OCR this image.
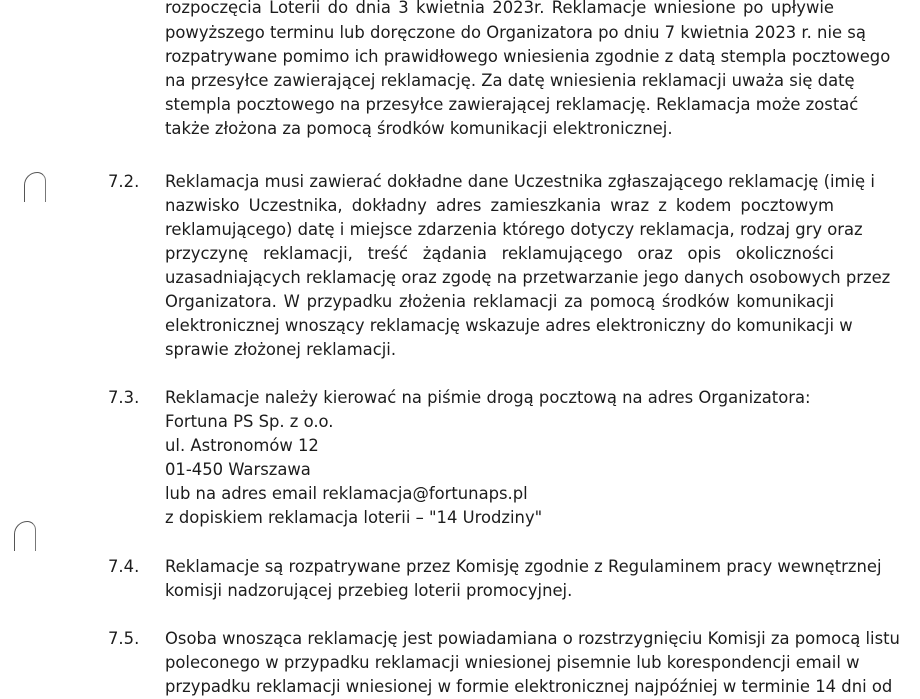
rozpoczęcia Loterii do dnia 3 kwietnia 2023r. Reklamacje wniesione po upływie
powyższego terminu lub doręczone do Organizatora po dniu 7 kwietnia 2023 r. nie są
rozpatrywane pomimo ich prawidłowego wniesienia zgodnie z datą stempla pocztowego
na przesyłce zawierającej reklamację. Za datę wniesienia reklamacji uważa się datę
stempla pocztowego na przesyłce zawierającej reklamację. Reklamacja może zostać
także złożona za pomocą środków komunikacji elektronicznej.
7.2. Reklamacja musi zawierać dokładne dane Uczestnika zgłaszającego reklamację (imię i
nazwisko Uczestnika, dokładny adres zamieszkania wraz z kodem pocztowym
reklamującego) datę i miejsce zdarzenia którego dotyczy reklamacja, rodzaj gry oraz
przyczynę reklamacji, treść żądania reklamującego oraz opis okoliczności
uzasadniających reklamację oraz zgodę na przetwarzanie jego danych osobowych przez
Organizatora. W przypadku złożenia reklamacji za pomocą środków komunikacji
elektronicznej wnoszący reklamację wskazuje adres elektroniczny do komunikacji w
sprawie złożonej reklamacji.
7.3. Reklamacje należy kierować na piśmie drogą pocztową na adres Organizatora:
Fortuna PS Sp. z o.o.
ul. Astronomów 12
01-450 Warszawa
lub na adres email reklamacja@fortunaps.pl
z dopiskiem reklamacja loterii – "14 Urodziny"
7.4. Reklamacje są rozpatrywane przez Komisję zgodnie z Regulaminem pracy wewnętrznej
komisji nadzorującej przebieg loterii promocyjnej.
7.5. Osoba wnosząca reklamację jest powiadamiana o rozstrzygnięciu Komisji za pomocą listu
poleconego w przypadku reklamacji wniesionej pisemnie lub korespondencji email w
przypadku reklamacji wniesionej w formie elektronicznej najpóźniej w terminie 14 dni od
